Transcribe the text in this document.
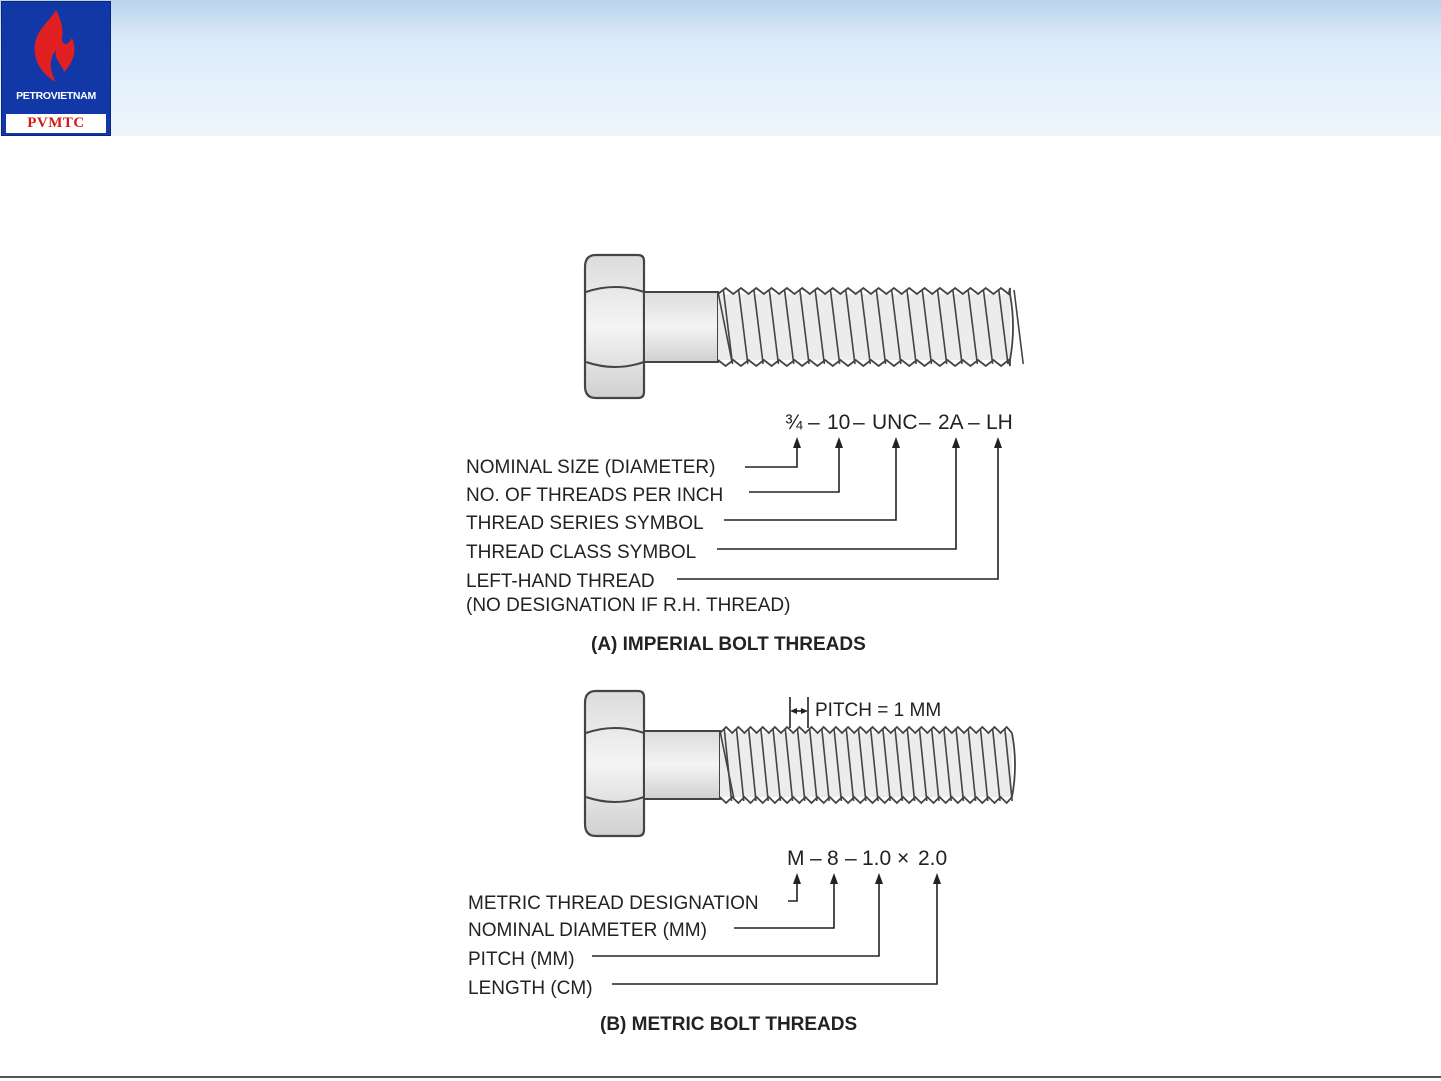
PETROVIETNAM
PVMTC
¾ – 10 – UNC – 2A – LH
NOMINAL SIZE (DIAMETER)
NO. OF THREADS PER INCH
THREAD SERIES SYMBOL
THREAD CLASS SYMBOL
LEFT-HAND THREAD
(NO DESIGNATION IF R.H. THREAD)
(A) IMPERIAL BOLT THREADS
PITCH = 1 MM
M – 8 – 1.0 × 2.0
METRIC THREAD DESIGNATION
NOMINAL DIAMETER (MM)
PITCH (MM)
LENGTH (CM)
(B) METRIC BOLT THREADS
